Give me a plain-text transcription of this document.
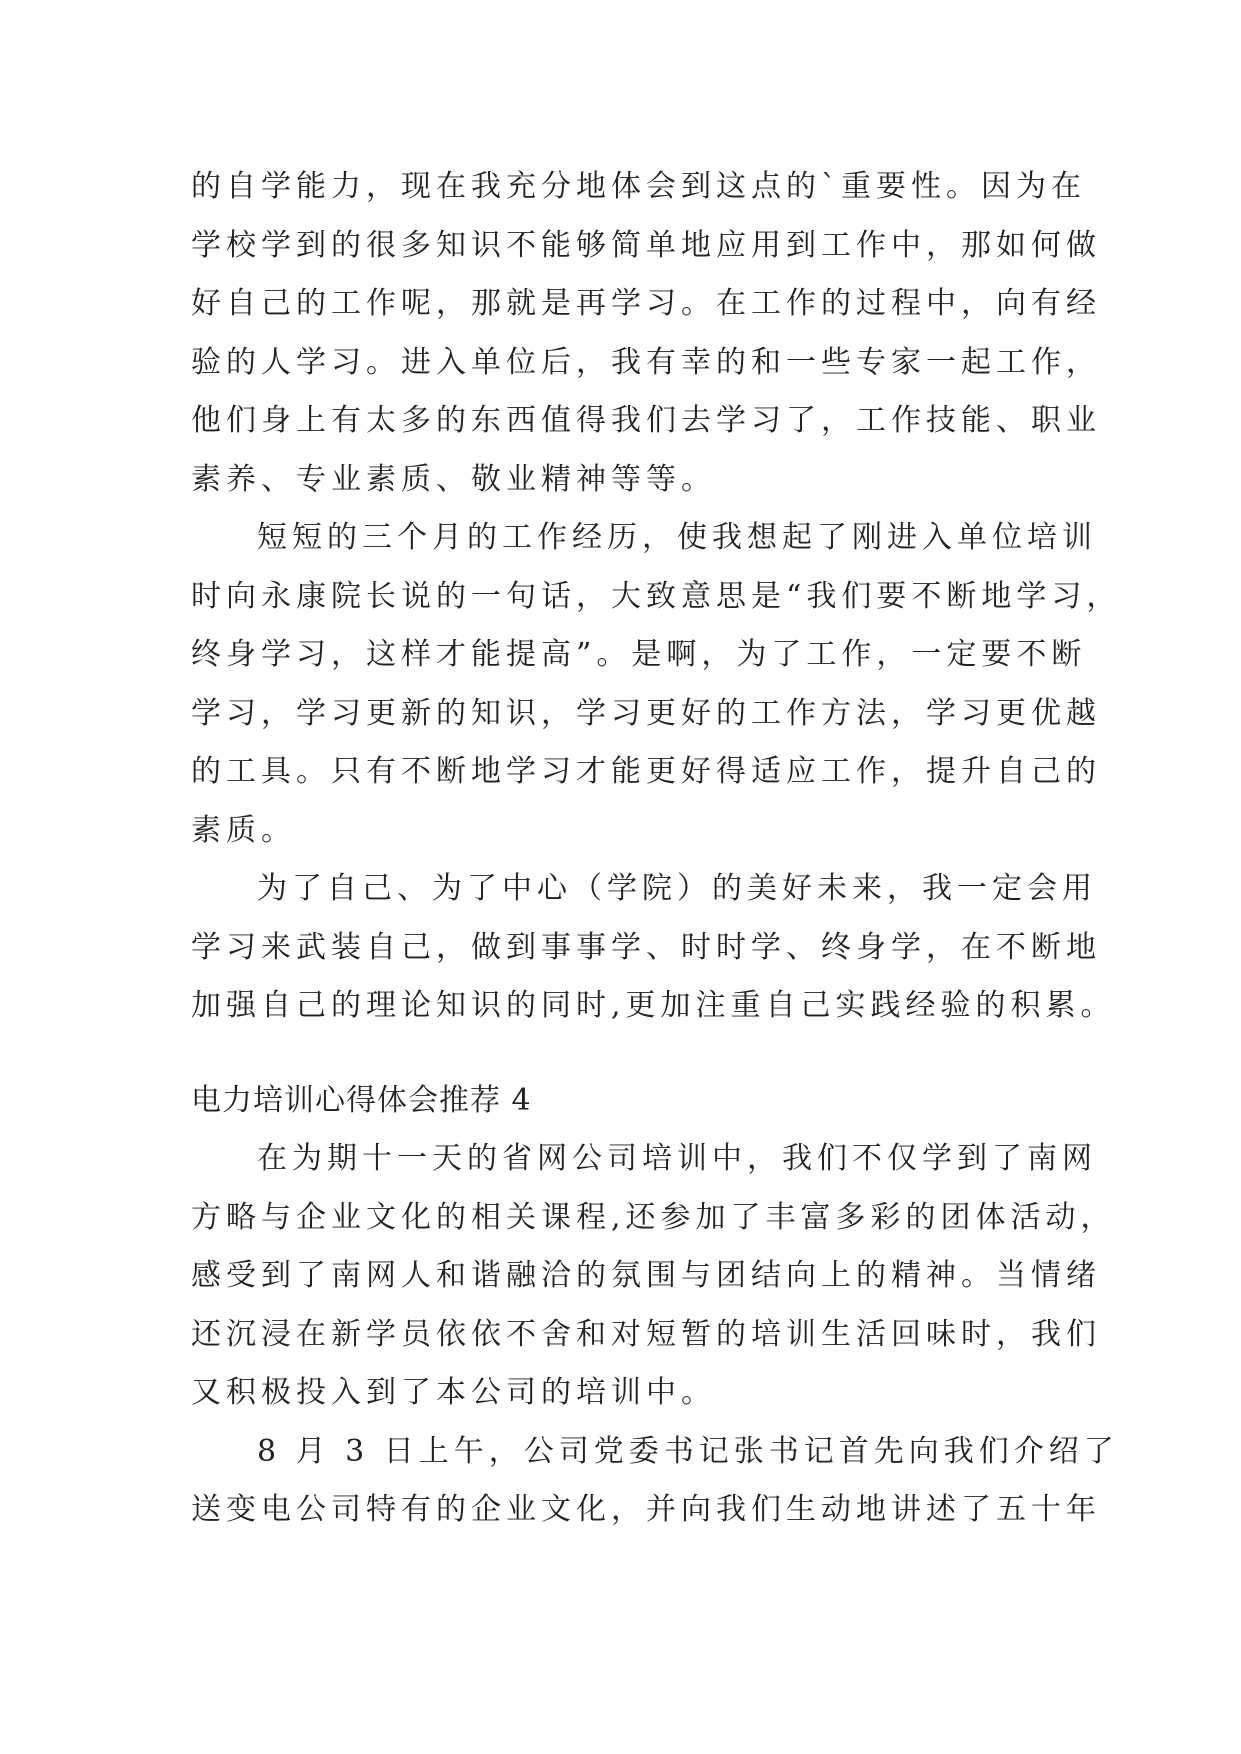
的自学能力，现在我充分地体会到这点的`重要性。因为在
学校学到的很多知识不能够简单地应用到工作中，那如何做
好自己的工作呢，那就是再学习。在工作的过程中，向有经
验的人学习。进入单位后，我有幸的和一些专家一起工作，
他们身上有太多的东西值得我们去学习了，工作技能、职业
素养、专业素质、敬业精神等等。
短短的三个月的工作经历，使我想起了刚进入单位培训
时向永康院长说的一句话，大致意思是“我们要不断地学习，
终身学习，这样才能提高”。是啊，为了工作，一定要不断
学习，学习更新的知识，学习更好的工作方法，学习更优越
的工具。只有不断地学习才能更好得适应工作，提升自己的
素质。
为了自己、为了中心（学院）的美好未来，我一定会用
学习来武装自己，做到事事学、时时学、终身学，在不断地
加强自己的理论知识的同时,更加注重自己实践经验的积累。
电力培训心得体会推荐 4
在为期十一天的省网公司培训中，我们不仅学到了南网
方略与企业文化的相关课程,还参加了丰富多彩的团体活动，
感受到了南网人和谐融洽的氛围与团结向上的精神。当情绪
还沉浸在新学员依依不舍和对短暂的培训生活回味时，我们
又积极投入到了本公司的培训中。
8 月 3 日上午，公司党委书记张书记首先向我们介绍了
送变电公司特有的企业文化，并向我们生动地讲述了五十年
